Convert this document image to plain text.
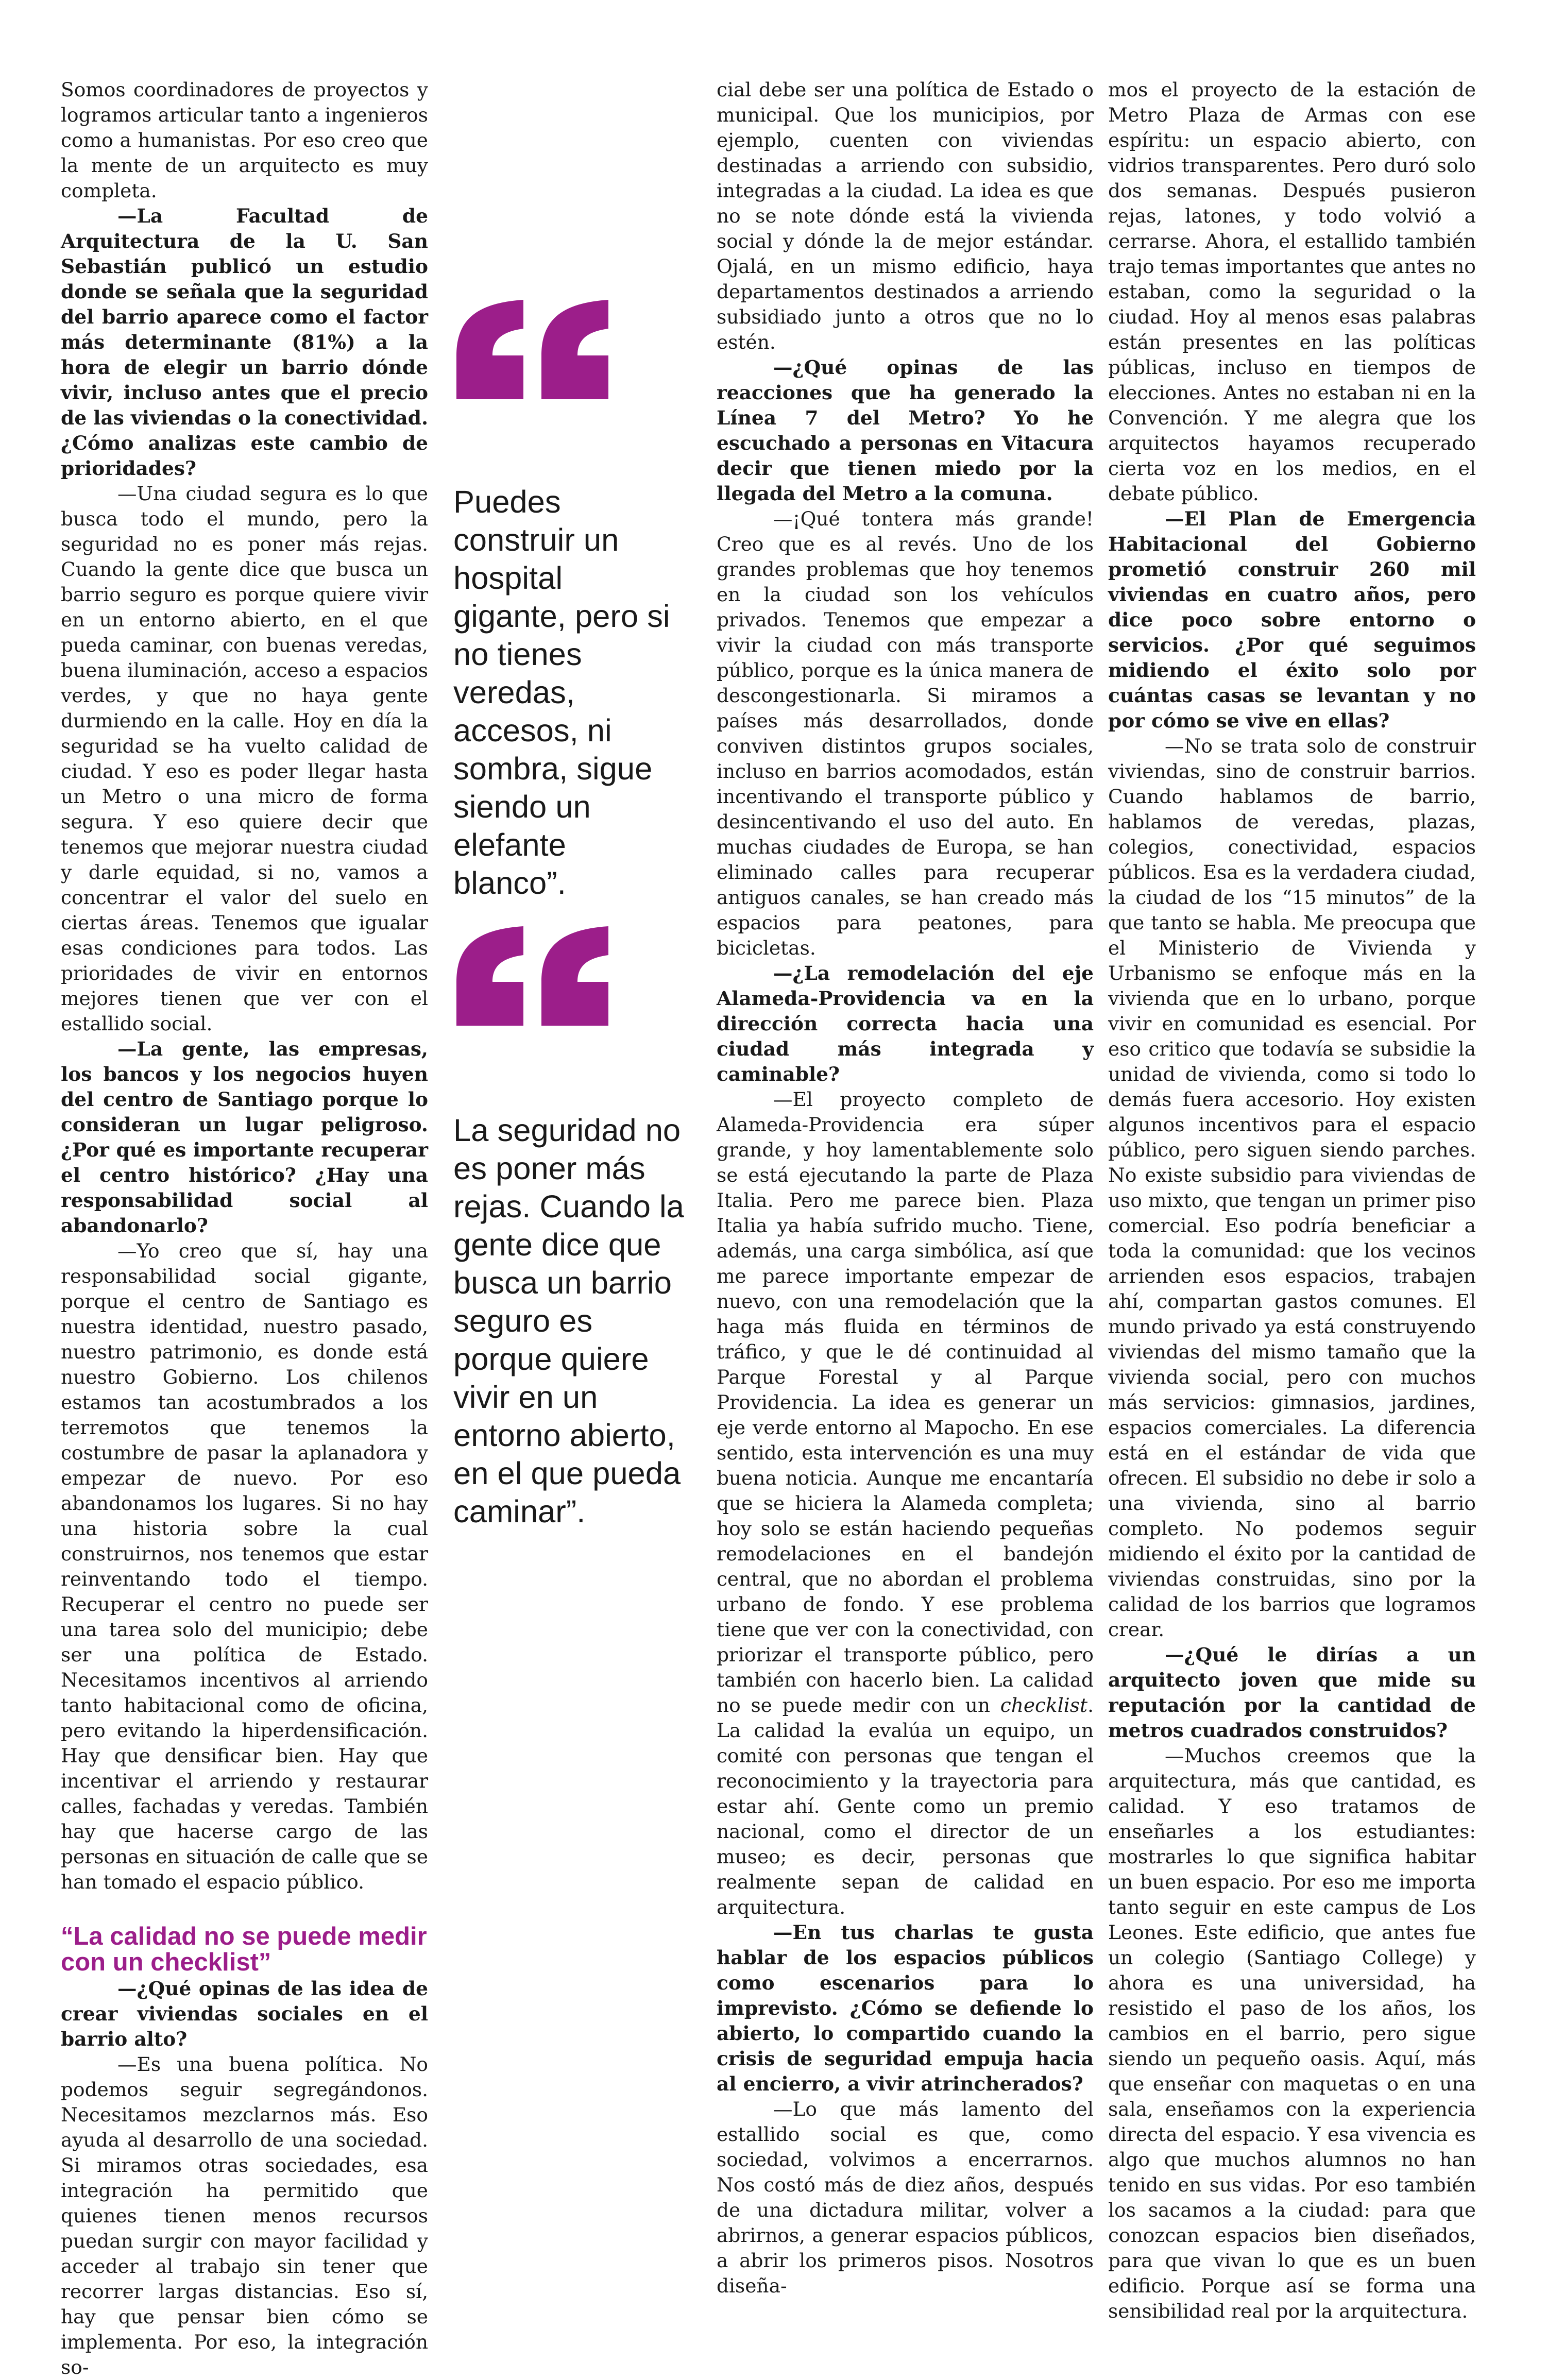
Somos coordinadores de proyectos y logramos articular tanto a ingenieros como a humanistas. Por eso creo que la mente de un arquitecto es muy completa.

—La Facultad de Arquitectura de la U. San Sebastián publicó un estudio donde se señala que la seguridad del barrio aparece como el factor más determinante (81%) a la hora de elegir un barrio dónde vivir, incluso antes que el precio de las viviendas o la conectividad. ¿Cómo analizas este cambio de prioridades?

—Una ciudad segura es lo que busca todo el mundo, pero la seguridad no es poner más rejas. Cuando la gente dice que busca un barrio seguro es porque quiere vivir en un entorno abierto, en el que pueda caminar, con buenas veredas, buena iluminación, acceso a espacios verdes, y que no haya gente durmiendo en la calle. Hoy en día la seguridad se ha vuelto calidad de ciudad. Y eso es poder llegar hasta un Metro o una micro de forma segura. Y eso quiere decir que tenemos que mejorar nuestra ciudad y darle equidad, si no, vamos a concentrar el valor del suelo en ciertas áreas. Tenemos que igualar esas condiciones para todos. Las prioridades de vivir en entornos mejores tienen que ver con el estallido social.

—La gente, las empresas, los bancos y los negocios huyen del centro de Santiago porque lo consideran un lugar peligroso. ¿Por qué es importante recuperar el centro histórico? ¿Hay una responsabilidad social al abandonarlo?

—Yo creo que sí, hay una responsabilidad social gigante, porque el centro de Santiago es nuestra identidad, nuestro pasado, nuestro patrimonio, es donde está nuestro Gobierno. Los chilenos estamos tan acostumbrados a los terremotos que tenemos la costumbre de pasar la aplanadora y empezar de nuevo. Por eso abandonamos los lugares. Si no hay una historia sobre la cual construirnos, nos tenemos que estar reinventando todo el tiempo. Recuperar el centro no puede ser una tarea solo del municipio; debe ser una política de Estado. Necesitamos incentivos al arriendo tanto habitacional como de oficina, pero evitando la hiperdensificación. Hay que densificar bien. Hay que incentivar el arriendo y restaurar calles, fachadas y veredas. También hay que hacerse cargo de las personas en situación de calle que se han tomado el espacio público.

“La calidad no se puede medir con un checklist”

—¿Qué opinas de las idea de crear viviendas sociales en el barrio alto?

—Es una buena política. No podemos seguir segregándonos. Necesitamos mezclarnos más. Eso ayuda al desarrollo de una sociedad. Si miramos otras sociedades, esa integración ha permitido que quienes tienen menos recursos puedan surgir con mayor facilidad y acceder al trabajo sin tener que recorrer largas distancias. Eso sí, hay que pensar bien cómo se implementa. Por eso, la integración so-

Puedes construir un hospital gigante, pero si no tienes veredas, accesos, ni sombra, sigue siendo un elefante blanco”.
La seguridad no es poner más rejas. Cuando la gente dice que busca un barrio seguro es porque quiere vivir en un entorno abierto, en el que pueda caminar”.

cial debe ser una política de Estado o municipal. Que los municipios, por ejemplo, cuenten con viviendas destinadas a arriendo con subsidio, integradas a la ciudad. La idea es que no se note dónde está la vivienda social y dónde la de mejor estándar. Ojalá, en un mismo edificio, haya departamentos destinados a arriendo subsidiado junto a otros que no lo estén.

—¿Qué opinas de las reacciones que ha generado la Línea 7 del Metro? Yo he escuchado a personas en Vitacura decir que tienen miedo por la llegada del Metro a la comuna.

—¡Qué tontera más grande! Creo que es al revés. Uno de los grandes problemas que hoy tenemos en la ciudad son los vehículos privados. Tenemos que empezar a vivir la ciudad con más transporte público, porque es la única manera de descongestionarla. Si miramos a países más desarrollados, donde conviven distintos grupos sociales, incluso en barrios acomodados, están incentivando el transporte público y desincentivando el uso del auto. En muchas ciudades de Europa, se han eliminado calles para recuperar antiguos canales, se han creado más espacios para peatones, para bicicletas.

—¿La remodelación del eje Alameda-Providencia va en la dirección correcta hacia una ciudad más integrada y caminable?

—El proyecto completo de Alameda-Providencia era súper grande, y hoy lamentablemente solo se está ejecutando la parte de Plaza Italia. Pero me parece bien. Plaza Italia ya había sufrido mucho. Tiene, además, una carga simbólica, así que me parece importante empezar de nuevo, con una remodelación que la haga más fluida en términos de tráfico, y que le dé continuidad al Parque Forestal y al Parque Providencia. La idea es generar un eje verde entorno al Mapocho. En ese sentido, esta intervención es una muy buena noticia. Aunque me encantaría que se hiciera la Alameda completa; hoy solo se están haciendo pequeñas remodelaciones en el bandejón central, que no abordan el problema urbano de fondo. Y ese problema tiene que ver con la conectividad, con priorizar el transporte público, pero también con hacerlo bien. La calidad no se puede medir con un checklist. La calidad la evalúa un equipo, un comité con personas que tengan el reconocimiento y la trayectoria para estar ahí. Gente como un premio nacional, como el director de un museo; es decir, personas que realmente sepan de calidad en arquitectura.

—En tus charlas te gusta hablar de los espacios públicos como escenarios para lo imprevisto. ¿Cómo se defiende lo abierto, lo compartido cuando la crisis de seguridad empuja hacia al encierro, a vivir atrincherados?

—Lo que más lamento del estallido social es que, como sociedad, volvimos a encerrarnos. Nos costó más de diez años, después de una dictadura militar, volver a abrirnos, a generar espacios públicos, a abrir los primeros pisos. Nosotros diseña-

mos el proyecto de la estación de Metro Plaza de Armas con ese espíritu: un espacio abierto, con vidrios transparentes. Pero duró solo dos semanas. Después pusieron rejas, latones, y todo volvió a cerrarse. Ahora, el estallido también trajo temas importantes que antes no estaban, como la seguridad o la ciudad. Hoy al menos esas palabras están presentes en las políticas públicas, incluso en tiempos de elecciones. Antes no estaban ni en la Convención. Y me alegra que los arquitectos hayamos recuperado cierta voz en los medios, en el debate público.

—El Plan de Emergencia Habitacional del Gobierno prometió construir 260 mil viviendas en cuatro años, pero dice poco sobre entorno o servicios. ¿Por qué seguimos midiendo el éxito solo por cuántas casas se levantan y no por cómo se vive en ellas?

—No se trata solo de construir viviendas, sino de construir barrios. Cuando hablamos de barrio, hablamos de veredas, plazas, colegios, conectividad, espacios públicos. Esa es la verdadera ciudad, la ciudad de los “15 minutos” de la que tanto se habla. Me preocupa que el Ministerio de Vivienda y Urbanismo se enfoque más en la vivienda que en lo urbano, porque vivir en comunidad es esencial. Por eso critico que todavía se subsidie la unidad de vivienda, como si todo lo demás fuera accesorio. Hoy existen algunos incentivos para el espacio público, pero siguen siendo parches. No existe subsidio para viviendas de uso mixto, que tengan un primer piso comercial. Eso podría beneficiar a toda la comunidad: que los vecinos arrienden esos espacios, trabajen ahí, compartan gastos comunes. El mundo privado ya está construyendo viviendas del mismo tamaño que la vivienda social, pero con muchos más servicios: gimnasios, jardines, espacios comerciales. La diferencia está en el estándar de vida que ofrecen. El subsidio no debe ir solo a una vivienda, sino al barrio completo. No podemos seguir midiendo el éxito por la cantidad de viviendas construidas, sino por la calidad de los barrios que logramos crear.

—¿Qué le dirías a un arquitecto joven que mide su reputación por la cantidad de metros cuadrados construidos?

—Muchos creemos que la arquitectura, más que cantidad, es calidad. Y eso tratamos de enseñarles a los estudiantes: mostrarles lo que significa habitar un buen espacio. Por eso me importa tanto seguir en este campus de Los Leones. Este edificio, que antes fue un colegio (Santiago College) y ahora es una universidad, ha resistido el paso de los años, los cambios en el barrio, pero sigue siendo un pequeño oasis. Aquí, más que enseñar con maquetas o en una sala, enseñamos con la experiencia directa del espacio. Y esa vivencia es algo que muchos alumnos no han tenido en sus vidas. Por eso también los sacamos a la ciudad: para que conozcan espacios bien diseñados, para que vivan lo que es un buen edificio. Porque así se forma una sensibilidad real por la arquitectura.
